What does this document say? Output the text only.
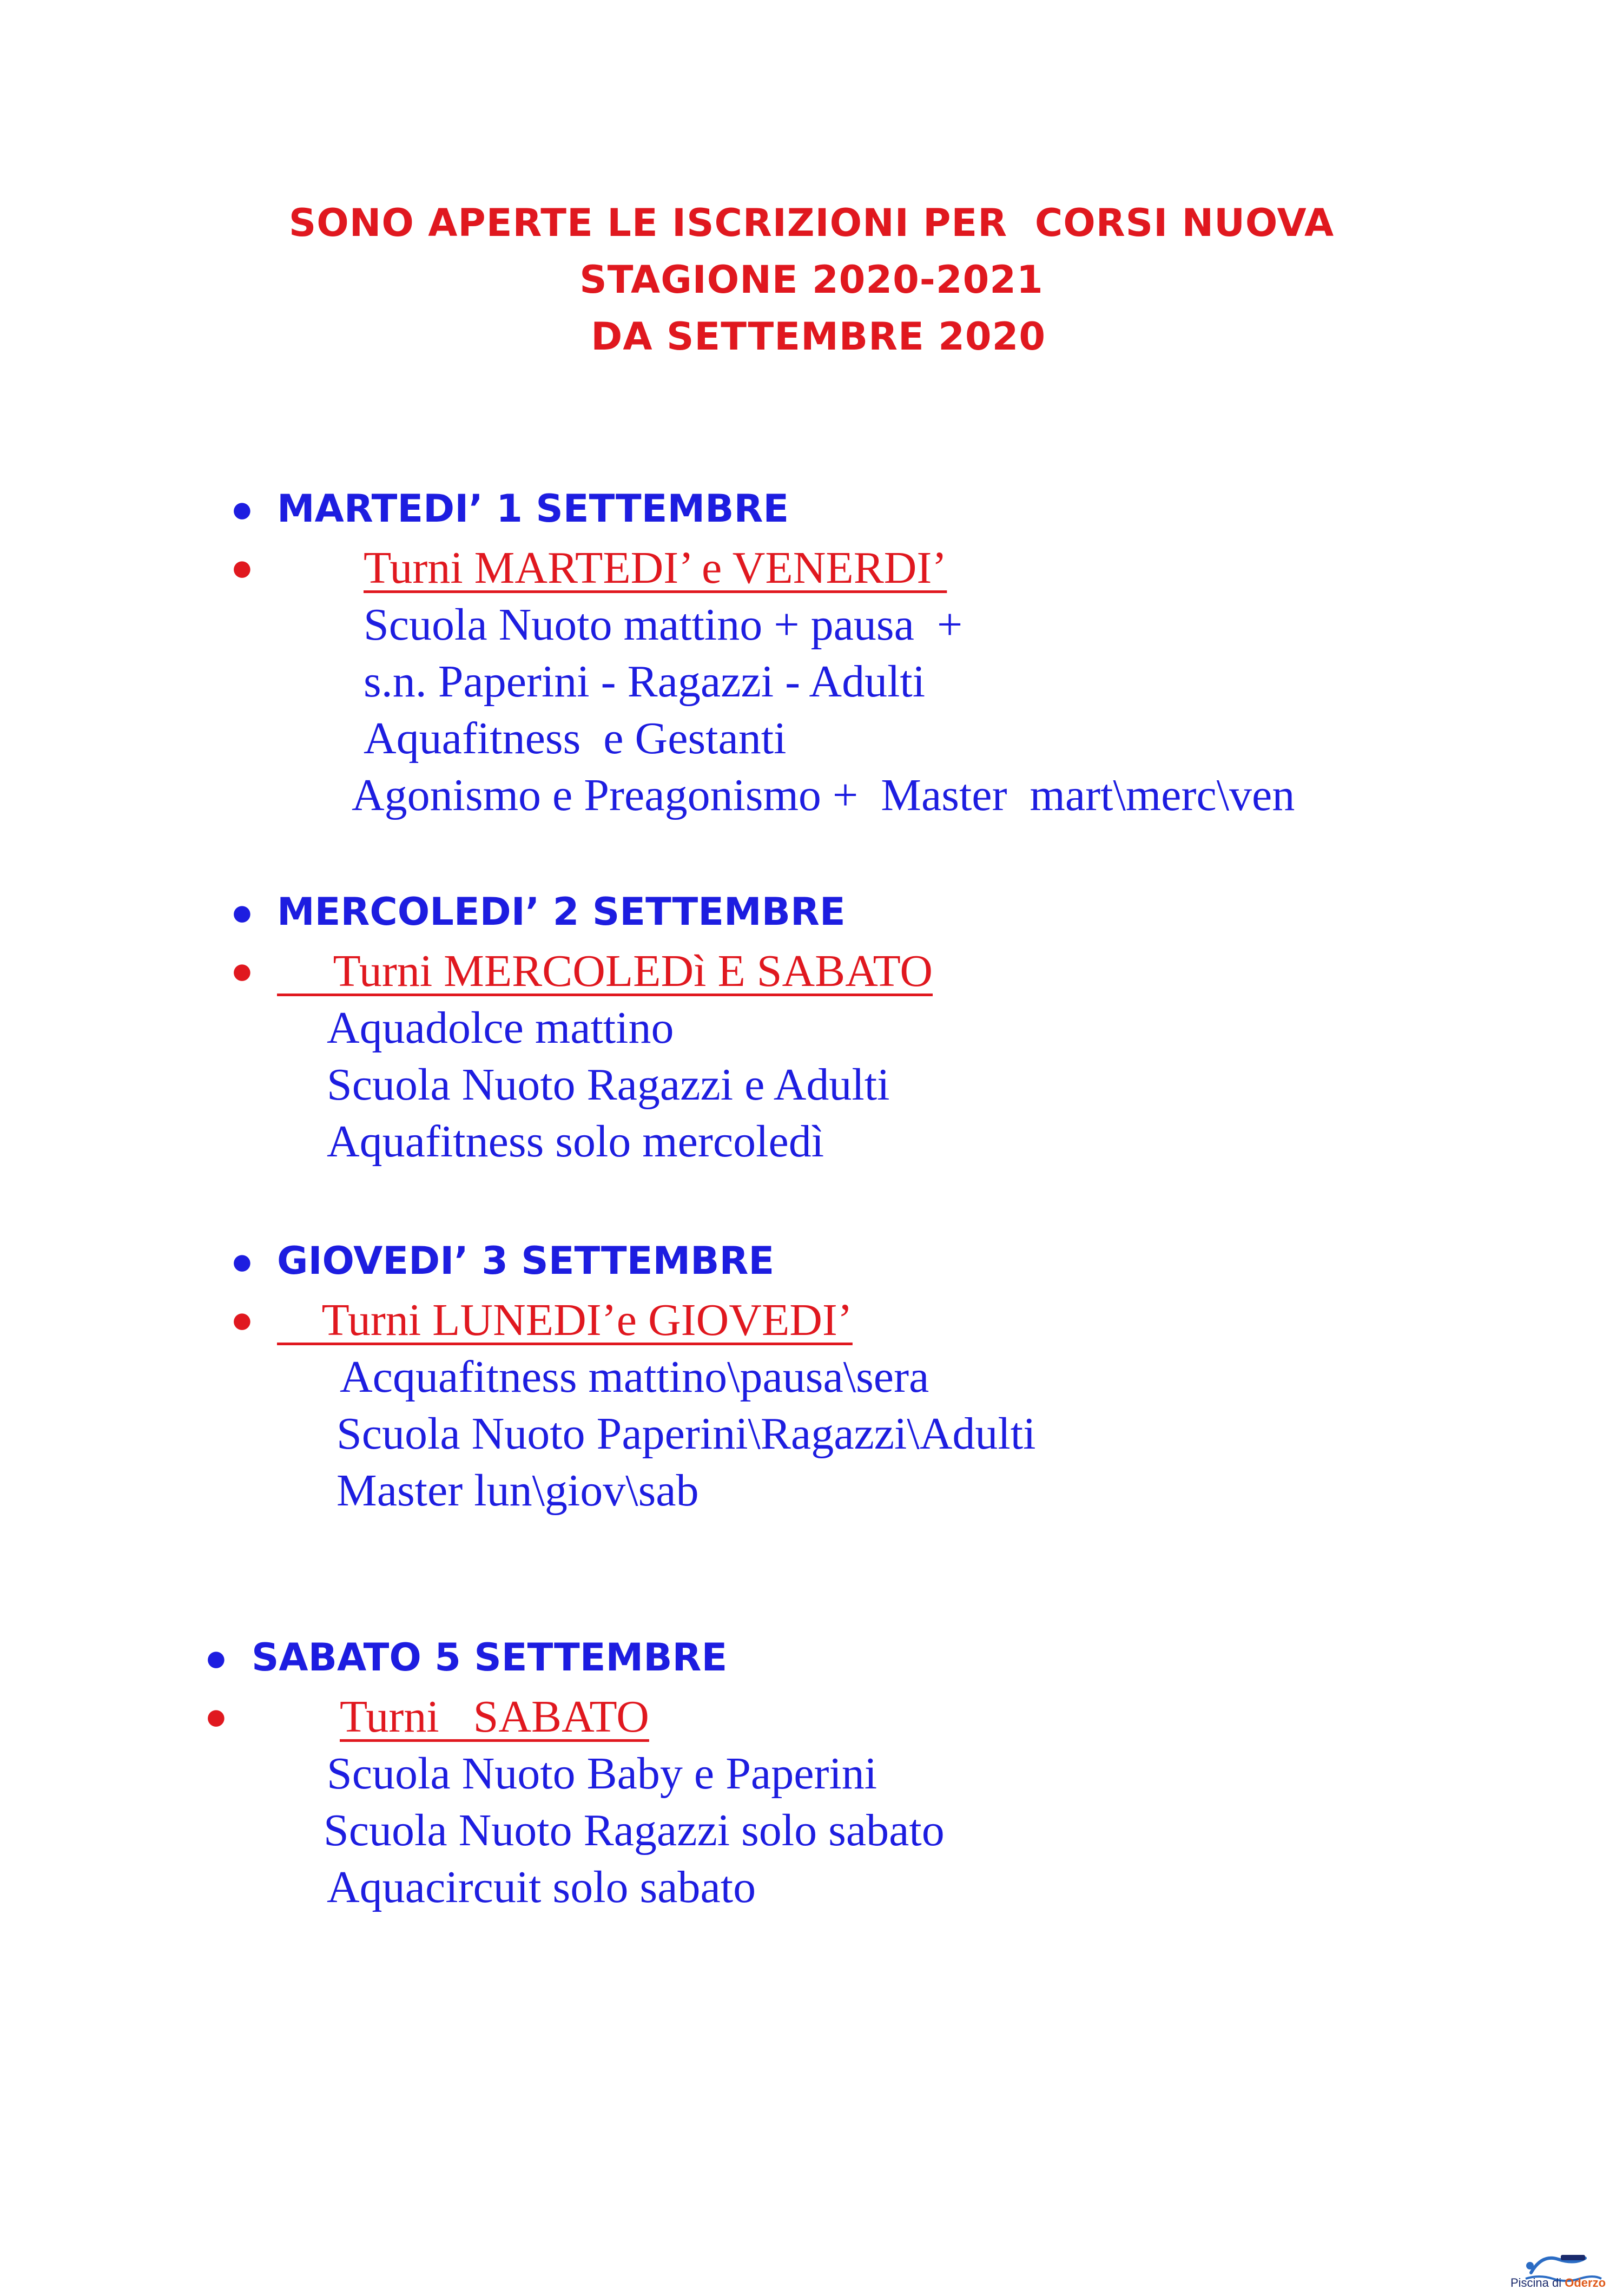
SONO APERTE LE ISCRIZIONI PER  CORSI NUOVA
STAGIONE 2020-2021
DA SETTEMBRE 2020
● MARTEDI’ 1 SETTEMBRE
● Turni MARTEDI’ e VENERDI’
Scuola Nuoto mattino + pausa  +
s.n. Paperini - Ragazzi - Adulti
Aquafitness  e Gestanti
Agonismo e Preagonismo +  Master  mart\merc\ven
● MERCOLEDI’ 2 SETTEMBRE
● Turni MERCOLEDì E SABATO
Aquadolce mattino
Scuola Nuoto Ragazzi e Adulti
Aquafitness solo mercoledì
● GIOVEDI’ 3 SETTEMBRE
● Turni LUNEDI’e GIOVEDI’
Acquafitness mattino\pausa\sera
Scuola Nuoto Paperini\Ragazzi\Adulti
Master lun\giov\sab
● SABATO 5 SETTEMBRE
●	Turni   SABATO
Scuola Nuoto Baby e Paperini
Scuola Nuoto Ragazzi solo sabato
Aquacircuit solo sabato
Piscina di Oderzo
